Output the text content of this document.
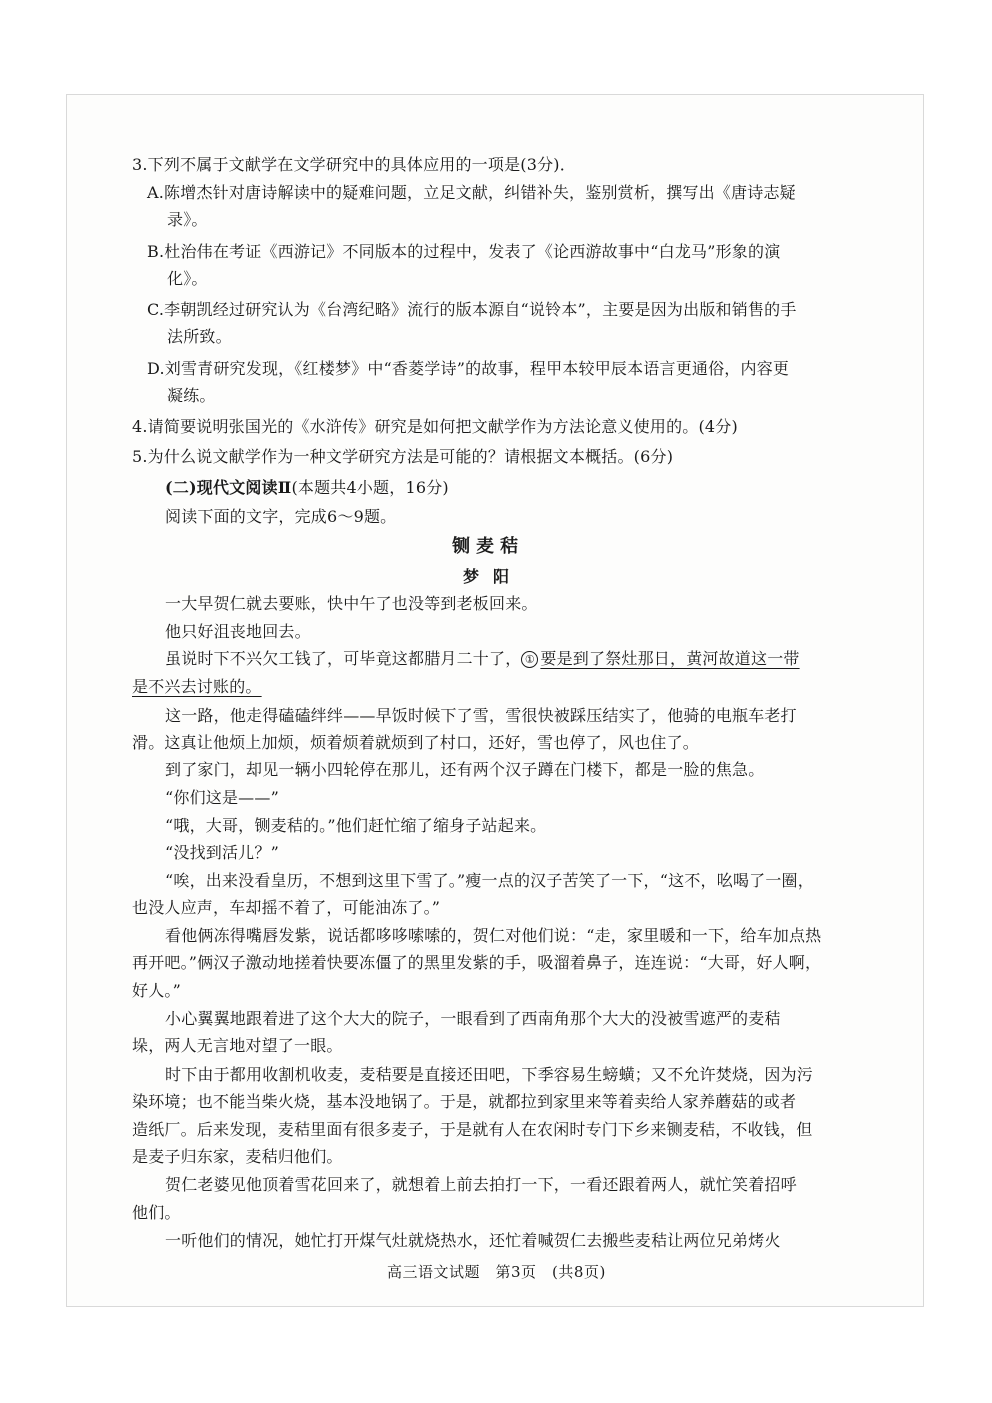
3.下列不属于文献学在文学研究中的具体应用的一项是(3分)．
A.陈增杰针对唐诗解读中的疑难问题，立足文献，纠错补失，鉴别赏析，撰写出《唐诗志疑
录》。
B.杜治伟在考证《西游记》不同版本的过程中，发表了《论西游故事中“白龙马”形象的演
化》。
C.李朝凯经过研究认为《台湾纪略》流行的版本源自“说铃本”，主要是因为出版和销售的手
法所致。
D.刘雪青研究发现，《红楼梦》中“香菱学诗”的故事，程甲本较甲辰本语言更通俗，内容更
凝练。
4.请简要说明张国光的《水浒传》研究是如何把文献学作为方法论意义使用的。(4分)
5.为什么说文献学作为一种文学研究方法是可能的？请根据文本概括。(6分)
(二)现代文阅读Ⅱ(本题共4小题，16分)
阅读下面的文字，完成6～9题。
铡麦秸
梦阳
一大早贺仁就去要账，快中午了也没等到老板回来。
他只好沮丧地回去。
虽说时下不兴欠工钱了，可毕竟这都腊月二十了， ① 要是到了祭灶那日，黄河故道这一带
是不兴去讨账的。
这一路，他走得磕磕绊绊——早饭时候下了雪，雪很快被踩压结实了，他骑的电瓶车老打
滑。这真让他烦上加烦，烦着烦着就烦到了村口，还好，雪也停了，风也住了。
到了家门，却见一辆小四轮停在那儿，还有两个汉子蹲在门楼下，都是一脸的焦急。
“你们这是——”
“哦，大哥，铡麦秸的。”他们赶忙缩了缩身子站起来。
“没找到活儿？”
“唉，出来没看皇历，不想到这里下雪了。”瘦一点的汉子苦笑了一下，“这不，吆喝了一圈，
也没人应声，车却摇不着了，可能油冻了。”
看他俩冻得嘴唇发紫，说话都哆哆嗦嗦的，贺仁对他们说：“走，家里暖和一下，给车加点热
再开吧。”俩汉子激动地搓着快要冻僵了的黑里发紫的手，吸溜着鼻子，连连说：“大哥，好人啊，
好人。”
小心翼翼地跟着进了这个大大的院子，一眼看到了西南角那个大大的没被雪遮严的麦秸
垛，两人无言地对望了一眼。
时下由于都用收割机收麦，麦秸要是直接还田吧，下季容易生螃蟥；又不允许焚烧，因为污
染环境；也不能当柴火烧，基本没地锅了。于是，就都拉到家里来等着卖给人家养蘑菇的或者
造纸厂。后来发现，麦秸里面有很多麦子，于是就有人在农闲时专门下乡来铡麦秸，不收钱，但
是麦子归东家，麦秸归他们。
贺仁老婆见他顶着雪花回来了，就想着上前去拍打一下，一看还跟着两人，就忙笑着招呼
他们。
一听他们的情况，她忙打开煤气灶就烧热水，还忙着喊贺仁去搬些麦秸让两位兄弟烤火
高三语文试题　第3页　(共8页)
